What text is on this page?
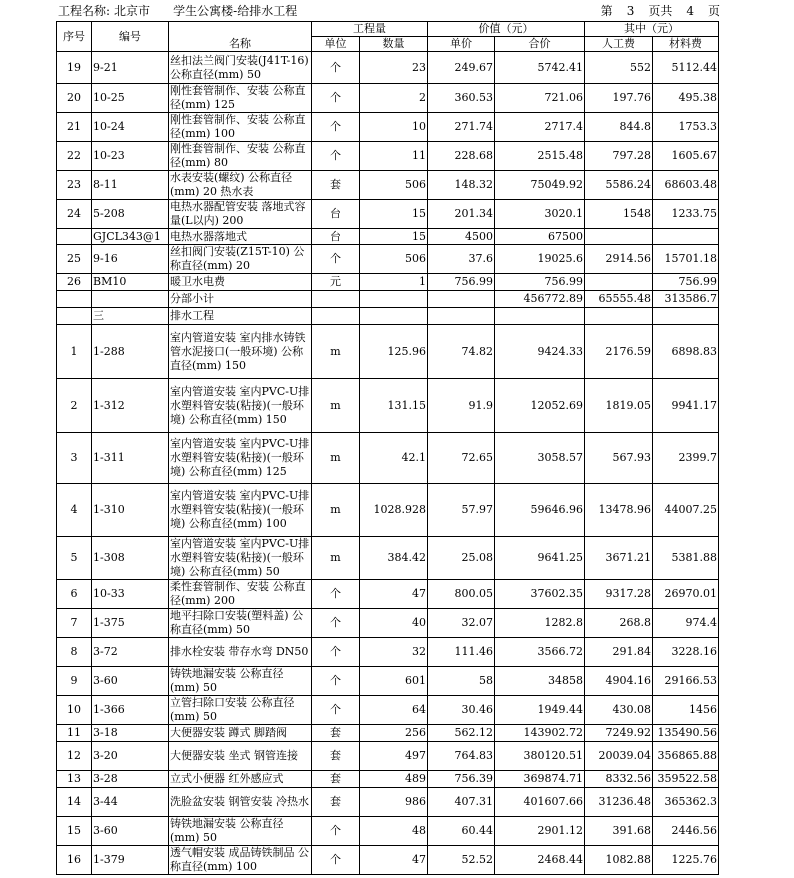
工程名称: 北京市 学生公寓楼-给排水工程	第 3 页共 4 页
序号	编号	名称	工程量		价值（元）		其中（元）	
			单位	数量	单价	合价	人工费	材料费
19	9-21	丝扣法兰阀门安装(J41T-16) 公称直径(mm) 50	个	23	249.67	5742.41	552	5112.44
20	10-25	刚性套管制作、安装 公称直径(mm) 125	个	2	360.53	721.06	197.76	495.38
21	10-24	刚性套管制作、安装 公称直径(mm) 100	个	10	271.74	2717.4	844.8	1753.3
22	10-23	刚性套管制作、安装 公称直径(mm) 80	个	11	228.68	2515.48	797.28	1605.67
23	8-11	水表安装(螺纹) 公称直径(mm) 20 热水表	套	506	148.32	75049.92	5586.24	68603.48
24	5-208	电热水器配管安装 落地式容量(L以内) 200	台	15	201.34	3020.1	1548	1233.75
	GJCL343@1	电热水器落地式	台	15	4500	67500		
25	9-16	丝扣阀门安装(Z15T-10) 公称直径(mm) 20	个	506	37.6	19025.6	2914.56	15701.18
26	BM10	暖卫水电费	元	1	756.99	756.99		756.99
		分部小计				456772.89	65555.48	313586.7
	三	排水工程						
1	1-288	室内管道安装 室内排水铸铁管水泥接口(一般环境) 公称直径(mm) 150	m	125.96	74.82	9424.33	2176.59	6898.83
2	1-312	室内管道安装 室内PVC-U排水塑料管安装(粘接)(一般环境) 公称直径(mm) 150	m	131.15	91.9	12052.69	1819.05	9941.17
3	1-311	室内管道安装 室内PVC-U排水塑料管安装(粘接)(一般环境) 公称直径(mm) 125	m	42.1	72.65	3058.57	567.93	2399.7
4	1-310	室内管道安装 室内PVC-U排水塑料管安装(粘接)(一般环境) 公称直径(mm) 100	m	1028.928	57.97	59646.96	13478.96	44007.25
5	1-308	室内管道安装 室内PVC-U排水塑料管安装(粘接)(一般环境) 公称直径(mm) 50	m	384.42	25.08	9641.25	3671.21	5381.88
6	10-33	柔性套管制作、安装 公称直径(mm) 200	个	47	800.05	37602.35	9317.28	26970.01
7	1-375	地平扫除口安装(塑料盖) 公称直径(mm) 50	个	40	32.07	1282.8	268.8	974.4
8	3-72	排水栓安装 带存水弯 DN50	个	32	111.46	3566.72	291.84	3228.16
9	3-60	铸铁地漏安装 公称直径(mm) 50	个	601	58	34858	4904.16	29166.53
10	1-366	立管扫除口安装 公称直径(mm) 50	个	64	30.46	1949.44	430.08	1456
11	3-18	大便器安装 蹲式 脚踏阀	套	256	562.12	143902.72	7249.92	135490.56
12	3-20	大便器安装 坐式 钢管连接	套	497	764.83	380120.51	20039.04	356865.88
13	3-28	立式小便器 红外感应式	套	489	756.39	369874.71	8332.56	359522.58
14	3-44	洗脸盆安装 钢管安装 冷热水	套	986	407.31	401607.66	31236.48	365362.3
15	3-60	铸铁地漏安装 公称直径(mm) 50	个	48	60.44	2901.12	391.68	2446.56
16	1-379	透气帽安装 成品铸铁制品 公称直径(mm) 100	个	47	52.52	2468.44	1082.88	1225.76
